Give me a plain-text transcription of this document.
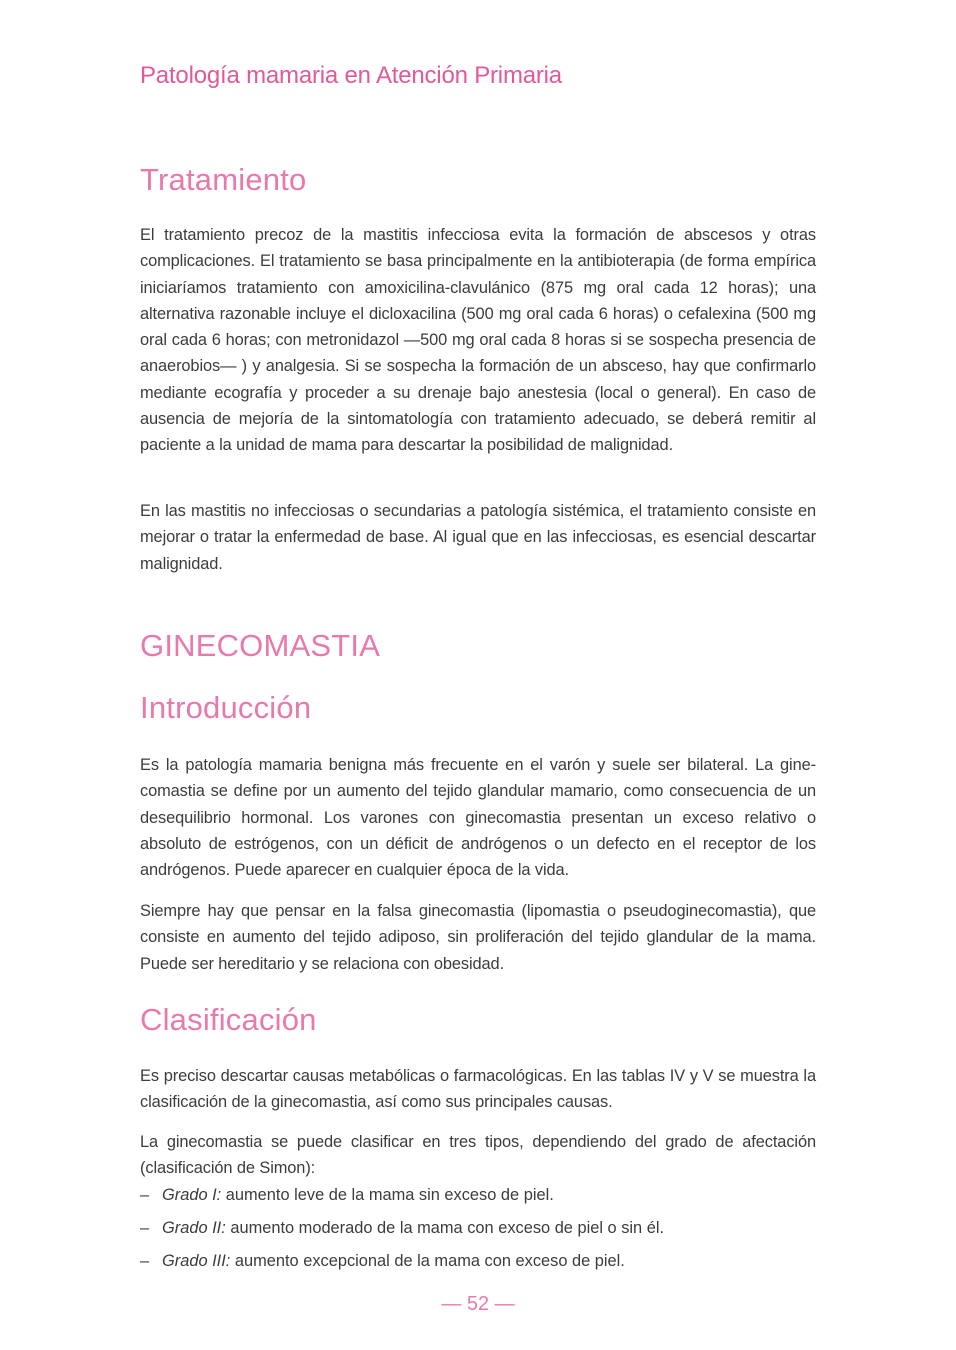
Patología mamaria en Atención Primaria
Tratamiento

El tratamiento precoz de la mastitis infecciosa evita la formación de abscesos y otras complicaciones. El tratamiento se basa principalmente en la antibioterapia (de forma empírica iniciaríamos tratamiento con amoxicilina-clavulánico (875 mg oral cada 12 horas); una alternativa razonable incluye el dicloxacilina (500 mg oral cada 6 horas) o cefalexina (500 mg oral cada 6 horas; con metronidazol —500 mg oral cada 8 horas si se sospecha presencia de anaerobios— ) y analgesia. Si se sospecha la formación de un absceso, hay que confirmarlo mediante ecografía y proceder a su drenaje bajo anestesia (local o general). En caso de ausencia de mejoría de la sintomatología con tratamiento adecuado, se deberá remitir al paciente a la unidad de mama para descartar la posibilidad de malignidad.

En las mastitis no infecciosas o secundarias a patología sistémica, el tratamiento consiste en mejorar o tratar la enfermedad de base. Al igual que en las infecciosas, es esencial descartar malignidad.

GINECOMASTIA
Introducción

Es la patología mamaria benigna más frecuente en el varón y suele ser bilateral. La gine-comastia se define por un aumento del tejido glandular mamario, como consecuencia de un desequilibrio hormonal. Los varones con ginecomastia presentan un exceso relativo o absoluto de estrógenos, con un déficit de andrógenos o un defecto en el receptor de los andrógenos. Puede aparecer en cualquier época de la vida.

Siempre hay que pensar en la falsa ginecomastia (lipomastia o pseudoginecomastia), que consiste en aumento del tejido adiposo, sin proliferación del tejido glandular de la mama. Puede ser hereditario y se relaciona con obesidad.

Clasificación

Es preciso descartar causas metabólicas o farmacológicas. En las tablas IV y V se muestra la clasificación de la ginecomastia, así como sus principales causas.

La ginecomastia se puede clasificar en tres tipos, dependiendo del grado de afectación (clasificación de Simon):

– Grado I: aumento leve de la mama sin exceso de piel.

– Grado II: aumento moderado de la mama con exceso de piel o sin él.

– Grado III: aumento excepcional de la mama con exceso de piel.

— 52 —
